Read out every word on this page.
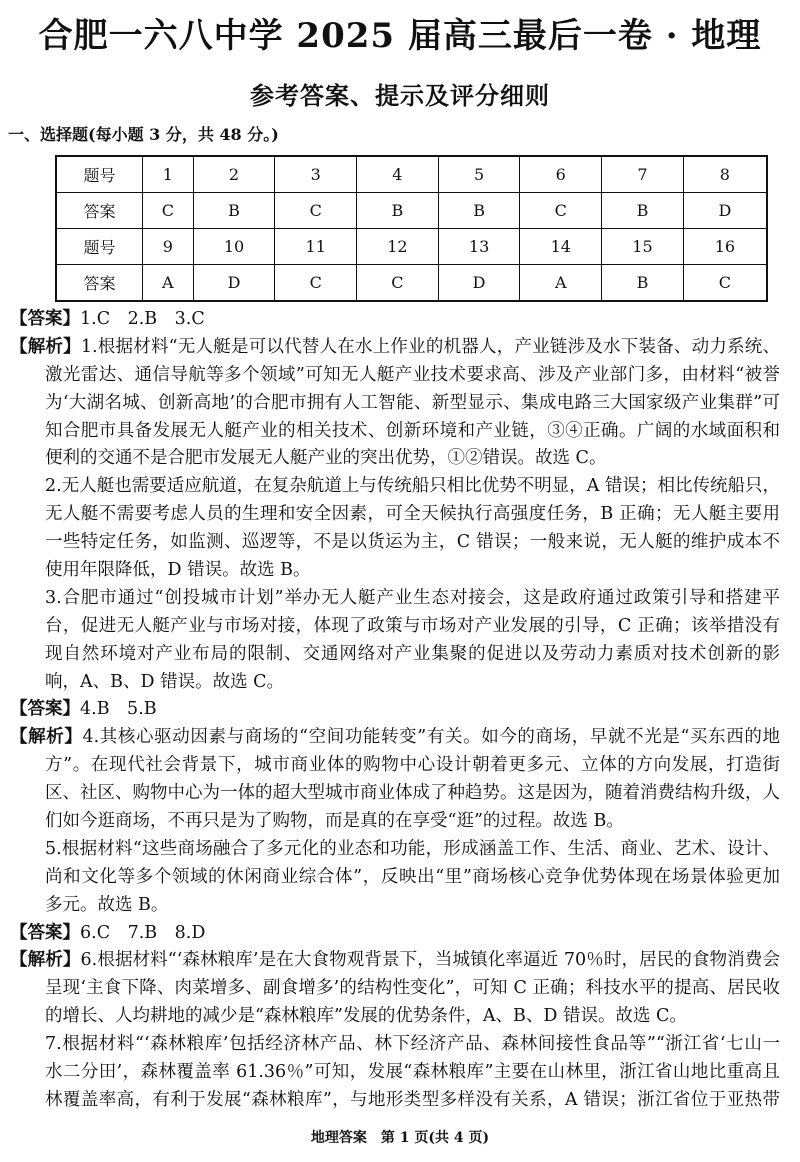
合肥一六八中学 2025 届高三最后一卷 · 地理
参考答案、提示及评分细则
一、选择题(每小题 3 分，共 48 分。)
题号	1	2	3	4	5	6	7	8
答案	C	B	C	B	B	C	B	D
题号	9	10	11	12	13	14	15	16
答案	A	D	C	C	D	A	B	C
【答案】1.C　2.B　3.C
【解析】1.根据材料“无人艇是可以代替人在水上作业的机器人，产业链涉及水下装备、动力系统、
激光雷达、通信导航等多个领域”可知无人艇产业技术要求高、涉及产业部门多，由材料“被誉
为‘大湖名城、创新高地’的合肥市拥有人工智能、新型显示、集成电路三大国家级产业集群”可
知合肥市具备发展无人艇产业的相关技术、创新环境和产业链，③④正确。广阔的水域面积和
便利的交通不是合肥市发展无人艇产业的突出优势，①②错误。故选 C。
2.无人艇也需要适应航道，在复杂航道上与传统船只相比优势不明显，A 错误；相比传统船只，
无人艇不需要考虑人员的生理和安全因素，可全天候执行高强度任务，B 正确；无人艇主要用
一些特定任务，如监测、巡逻等，不是以货运为主，C 错误；一般来说，无人艇的维护成本不
使用年限降低，D 错误。故选 B。
3.合肥市通过“创投城市计划”举办无人艇产业生态对接会，这是政府通过政策引导和搭建平
台，促进无人艇产业与市场对接，体现了政策与市场对产业发展的引导，C 正确；该举措没有
现自然环境对产业布局的限制、交通网络对产业集聚的促进以及劳动力素质对技术创新的影
响，A、B、D 错误。故选 C。
【答案】4.B　5.B
【解析】4.其核心驱动因素与商场的“空间功能转变”有关。如今的商场，早就不光是“买东西的地
方”。在现代社会背景下，城市商业体的购物中心设计朝着更多元、立体的方向发展，打造街
区、社区、购物中心为一体的超大型城市商业体成了种趋势。这是因为，随着消费结构升级，人
们如今逛商场，不再只是为了购物，而是真的在享受“逛”的过程。故选 B。
5.根据材料“这些商场融合了多元化的业态和功能，形成涵盖工作、生活、商业、艺术、设计、
尚和文化等多个领域的休闲商业综合体”，反映出“里”商场核心竞争优势体现在场景体验更加
多元。故选 B。
【答案】6.C　7.B　8.D
【解析】6.根据材料“‘森林粮库’是在大食物观背景下，当城镇化率逼近 70％时，居民的食物消费会
呈现‘主食下降、肉菜增多、副食增多’的结构性变化”，可知 C 正确；科技水平的提高、居民收
的增长、人均耕地的减少是“森林粮库”发展的优势条件，A、B、D 错误。故选 C。
7.根据材料“‘森林粮库’包括经济林产品、林下经济产品、森林间接性食品等”“浙江省‘七山一
水二分田’，森林覆盖率 61.36％”可知，发展“森林粮库”主要在山林里，浙江省山地比重高且
林覆盖率高，有利于发展“森林粮库”，与地形类型多样没有关系，A 错误；浙江省位于亚热带
地理答案　第 1 页(共 4 页)
